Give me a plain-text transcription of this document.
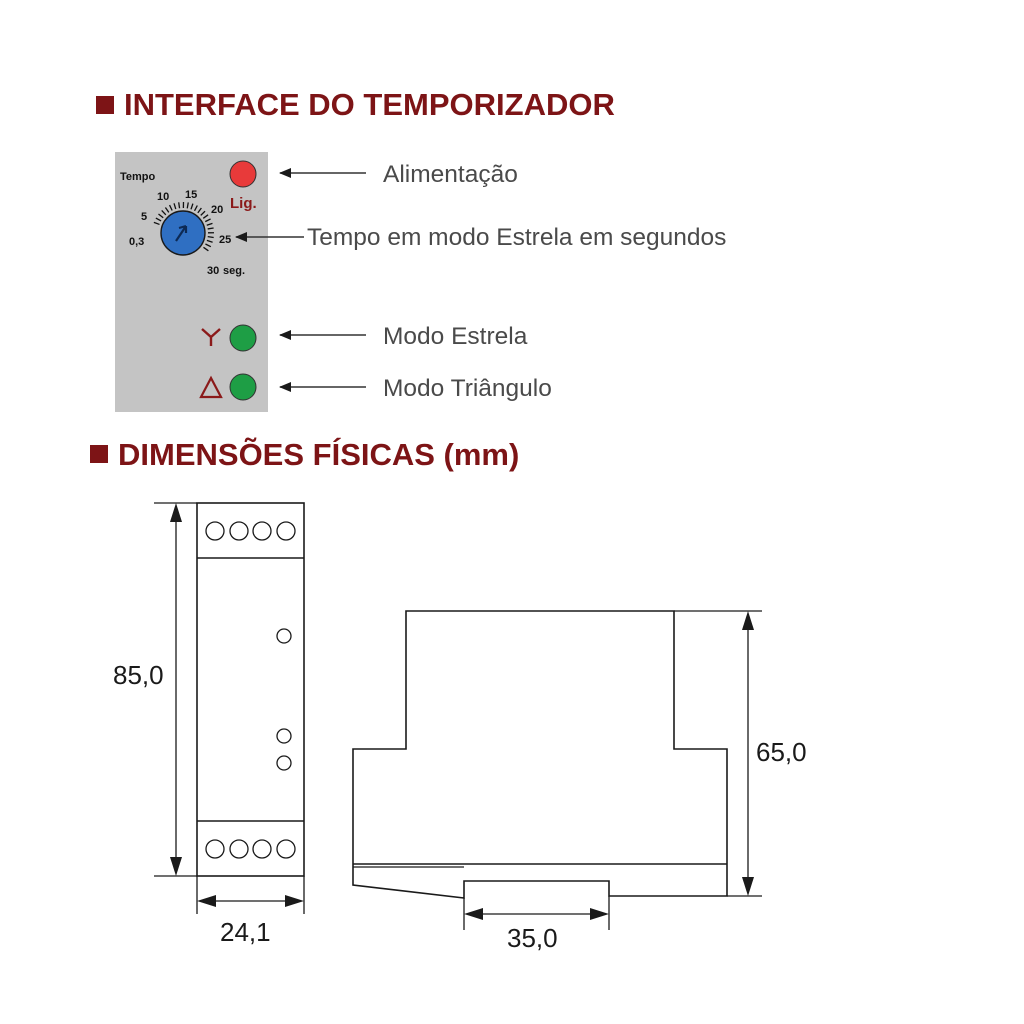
INTERFACE DO TEMPORIZADOR
Tempo
0,3
5
10 15
20
25
30 seg.
Lig.
Alimentação
Tempo em modo Estrela em segundos
Modo Estrela
Modo Triângulo
DIMENSÕES FÍSICAS (mm)
85,0
24,1
65,0
35,0
